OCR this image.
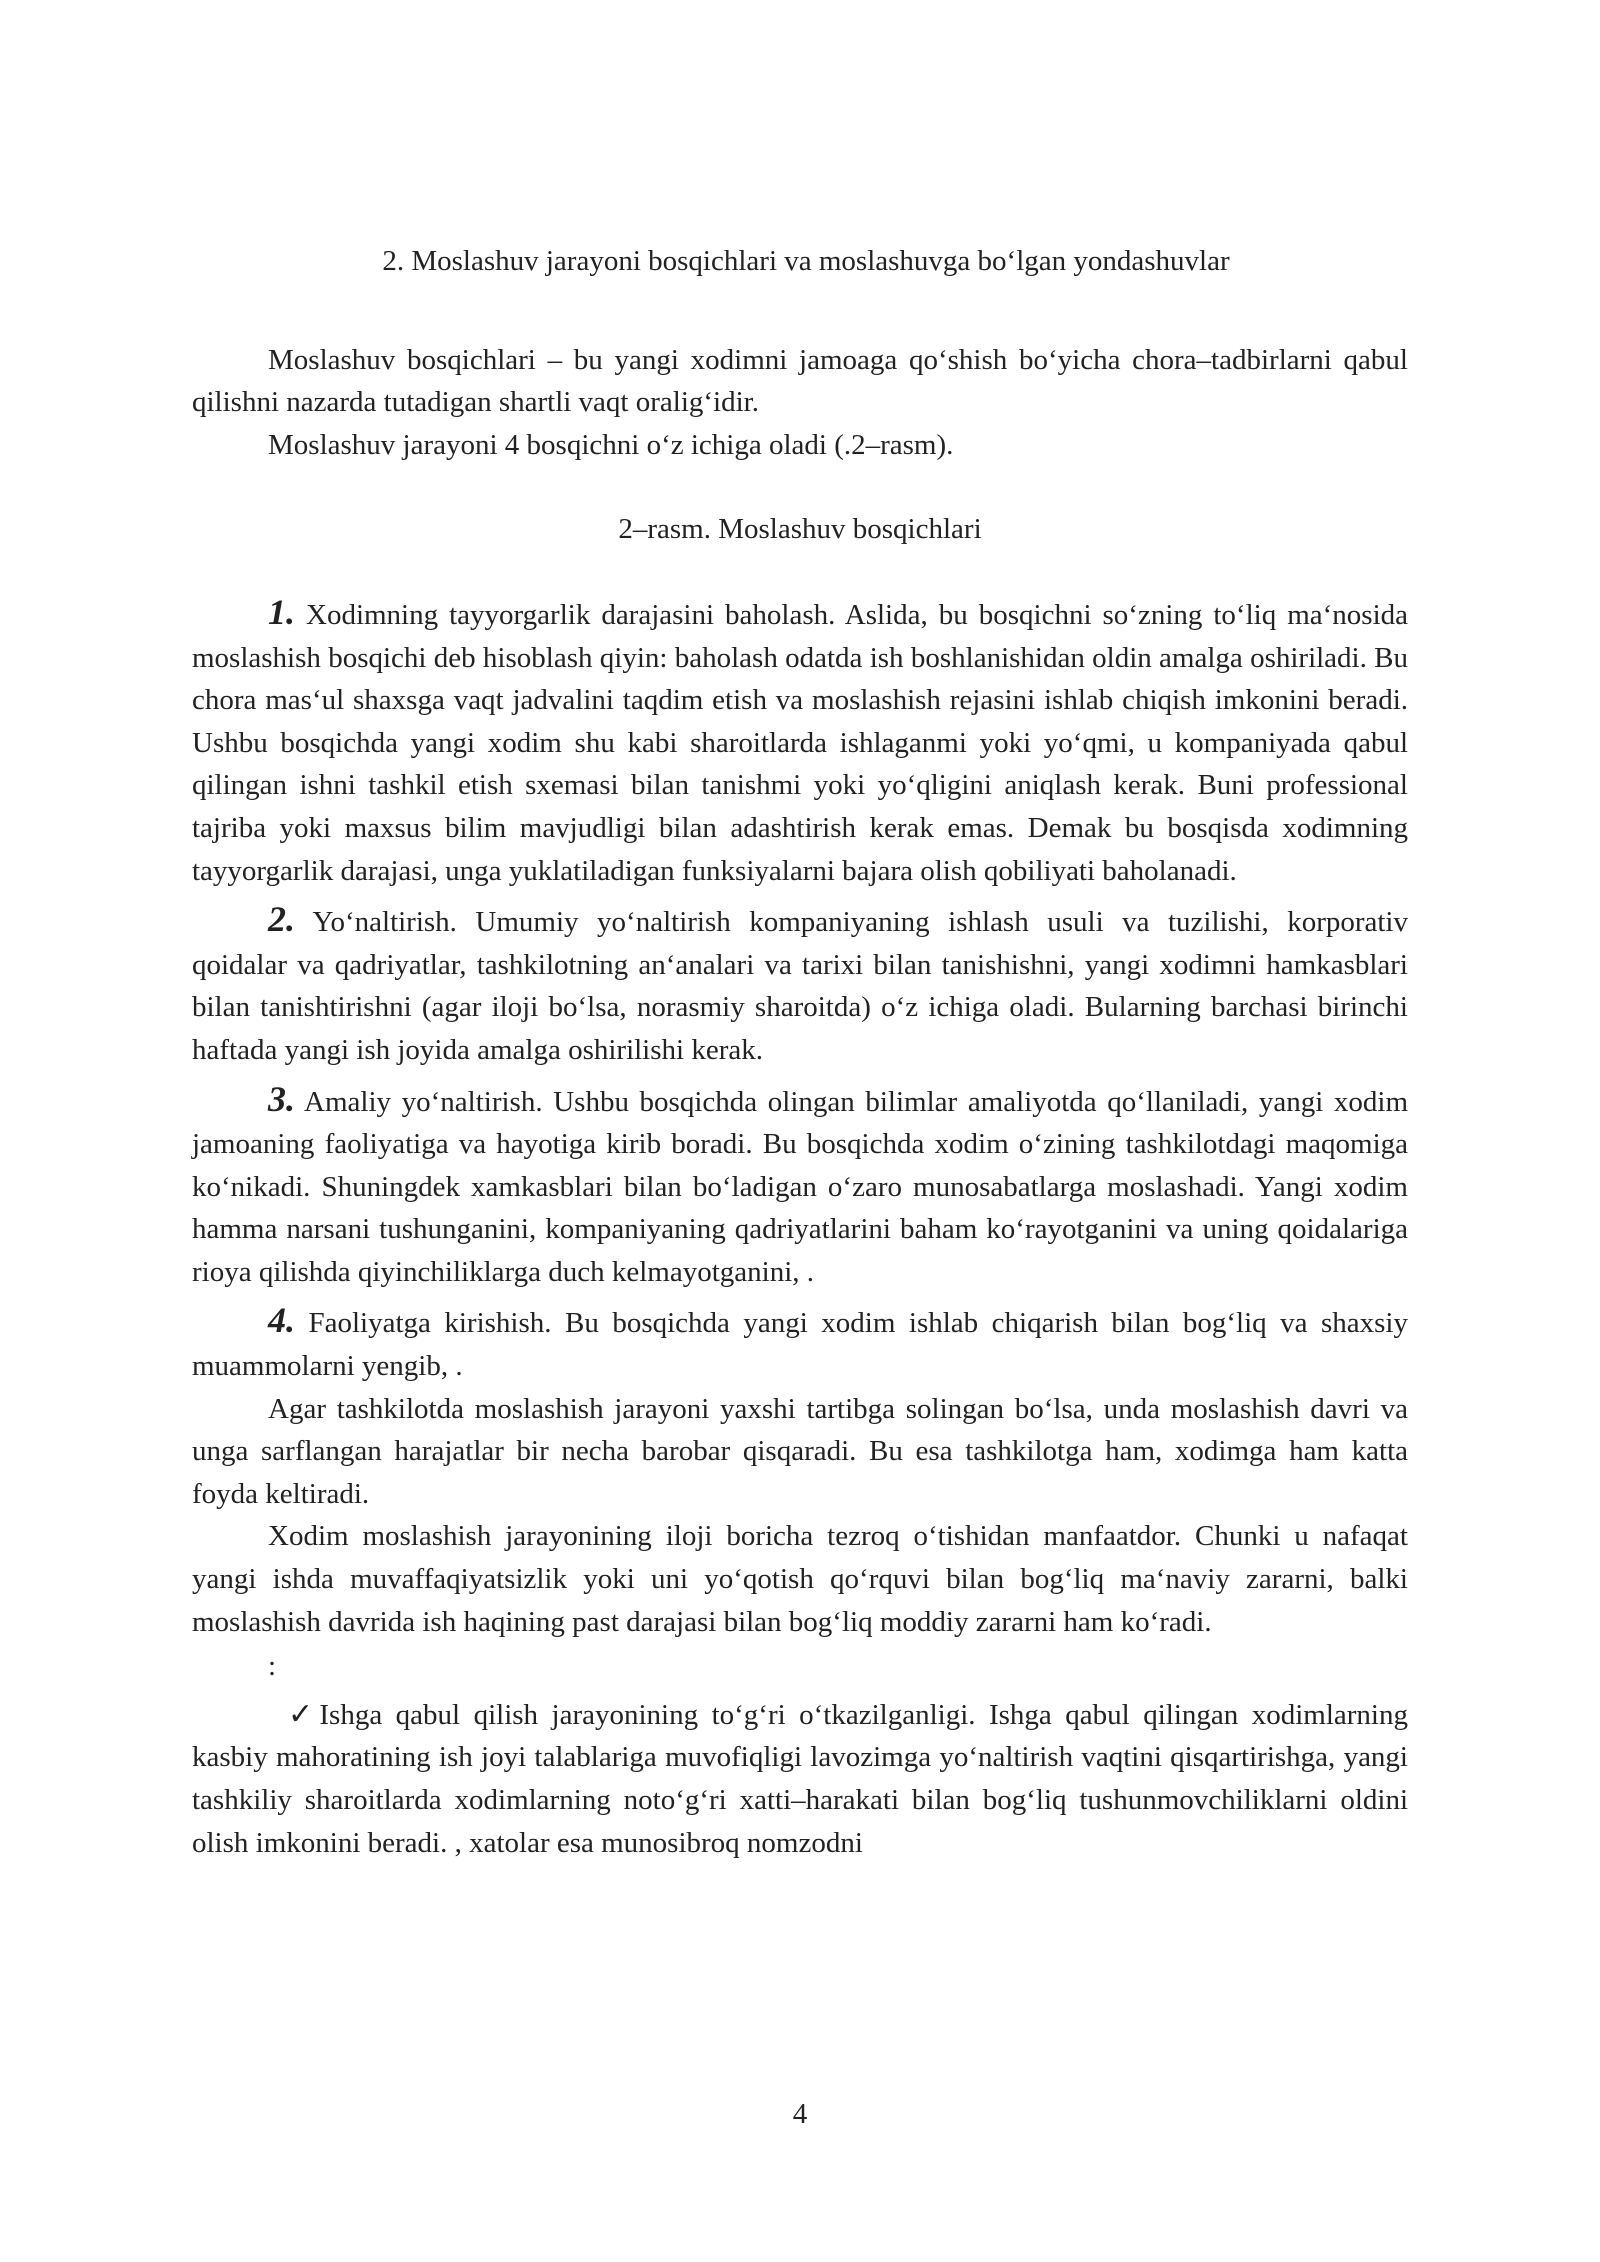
2. Moslashuv jarayoni bosqichlari va moslashuvga bo‘lgan yondashuvlar

Moslashuv bosqichlari – bu yangi xodimni jamoaga qo‘shish bo‘yicha chora–tadbirlarni qabul qilishni nazarda tutadigan shartli vaqt oralig‘idir.

Moslashuv jarayoni 4 bosqichni o‘z ichiga oladi (.2–rasm).

2–rasm. Moslashuv bosqichlari

1. Xodimning tayyorgarlik darajasini baholash. Aslida, bu bosqichni so‘zning to‘liq ma‘nosida moslashish bosqichi deb hisoblash qiyin: baholash odatda ish boshlanishidan oldin amalga oshiriladi. Bu chora mas‘ul shaxsga vaqt jadvalini taqdim etish va moslashish rejasini ishlab chiqish imkonini beradi. Ushbu bosqichda yangi xodim shu kabi sharoitlarda ishlaganmi yoki yo‘qmi, u kompaniyada qabul qilingan ishni tashkil etish sxemasi bilan tanishmi yoki yo‘qligini aniqlash kerak. Buni professional tajriba yoki maxsus bilim mavjudligi bilan adashtirish kerak emas. Demak bu bosqisda xodimning tayyorgarlik darajasi, unga yuklatiladigan funksiyalarni bajara olish qobiliyati baholanadi.

2. Yo‘naltirish. Umumiy yo‘naltirish kompaniyaning ishlash usuli va tuzilishi, korporativ qoidalar va qadriyatlar, tashkilotning an‘analari va tarixi bilan tanishishni, yangi xodimni hamkasblari bilan tanishtirishni (agar iloji bo‘lsa, norasmiy sharoitda) o‘z ichiga oladi. Bularning barchasi birinchi haftada yangi ish joyida amalga oshirilishi kerak.

3. Amaliy yo‘naltirish. Ushbu bosqichda olingan bilimlar amaliyotda qo‘llaniladi, yangi xodim jamoaning faoliyatiga va hayotiga kirib boradi. Bu bosqichda xodim o‘zining tashkilotdagi maqomiga ko‘nikadi. Shuningdek xamkasblari bilan bo‘ladigan o‘zaro munosabatlarga moslashadi. Yangi xodim hamma narsani tushunganini, kompaniyaning qadriyatlarini baham ko‘rayotganini va uning qoidalariga rioya qilishda qiyinchiliklarga duch kelmayotganini, .

4. Faoliyatga kirishish. Bu bosqichda yangi xodim ishlab chiqarish bilan bog‘liq va shaxsiy muammolarni yengib, .

Agar tashkilotda moslashish jarayoni yaxshi tartibga solingan bo‘lsa, unda moslashish davri va unga sarflangan harajatlar bir necha barobar qisqaradi. Bu esa tashkilotga ham, xodimga ham katta foyda keltiradi.

Xodim moslashish jarayonining iloji boricha tezroq o‘tishidan manfaatdor. Chunki u nafaqat yangi ishda muvaffaqiyatsizlik yoki uni yo‘qotish qo‘rquvi bilan bog‘liq ma‘naviy zararni, balki moslashish davrida ish haqining past darajasi bilan bog‘liq moddiy zararni ham ko‘radi.

:

✓Ishga qabul qilish jarayonining to‘g‘ri o‘tkazilganligi. Ishga qabul qilingan xodimlarning kasbiy mahoratining ish joyi talablariga muvofiqligi lavozimga yo‘naltirish vaqtini qisqartirishga, yangi tashkiliy sharoitlarda xodimlarning noto‘g‘ri xatti–harakati bilan bog‘liq tushunmovchiliklarni oldini olish imkonini beradi. , xatolar esa munosibroq nomzodni

4
